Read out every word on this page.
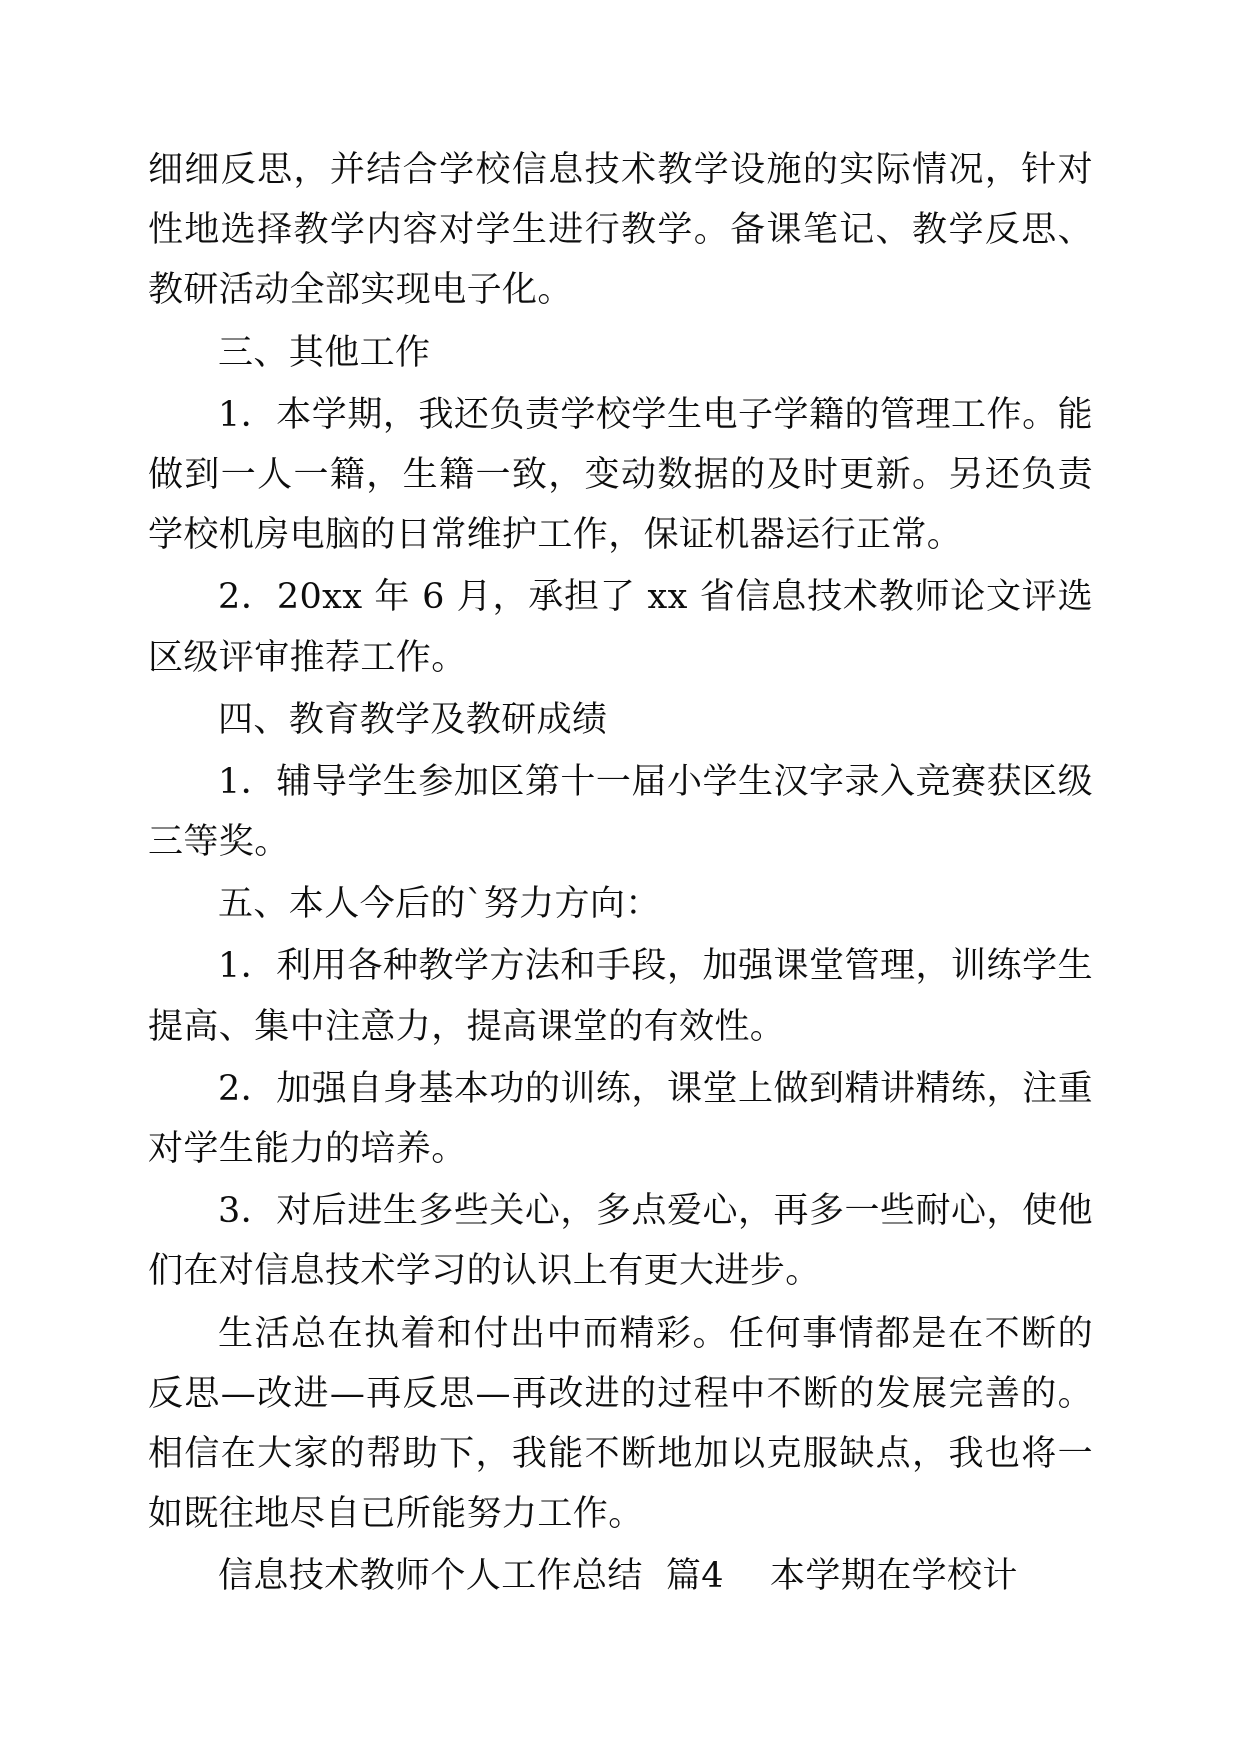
细细反思，并结合学校信息技术教学设施的实际情况，针对性地选择教学内容对学生进行教学。备课笔记、教学反思、教研活动全部实现电子化。

三、其他工作

1．本学期，我还负责学校学生电子学籍的管理工作。能做到一人一籍，生籍一致，变动数据的及时更新。另还负责学校机房电脑的日常维护工作，保证机器运行正常。

2．20xx 年 6 月，承担了 xx 省信息技术教师论文评选区级评审推荐工作。

四、教育教学及教研成绩

1．辅导学生参加区第十一届小学生汉字录入竞赛获区级三等奖。

五、本人今后的`努力方向：

1．利用各种教学方法和手段，加强课堂管理，训练学生提高、集中注意力，提高课堂的有效性。

2．加强自身基本功的训练，课堂上做到精讲精练，注重对学生能力的培养。

3．对后进生多些关心，多点爱心，再多一些耐心，使他们在对信息技术学习的认识上有更大进步。

生活总在执着和付出中而精彩。任何事情都是在不断的反思—改进—再反思—再改进的过程中不断的发展完善的。相信在大家的帮助下，我能不断地加以克服缺点，我也将一如既往地尽自已所能努力工作。

信息技术教师个人工作总结  篇4    本学期在学校计
